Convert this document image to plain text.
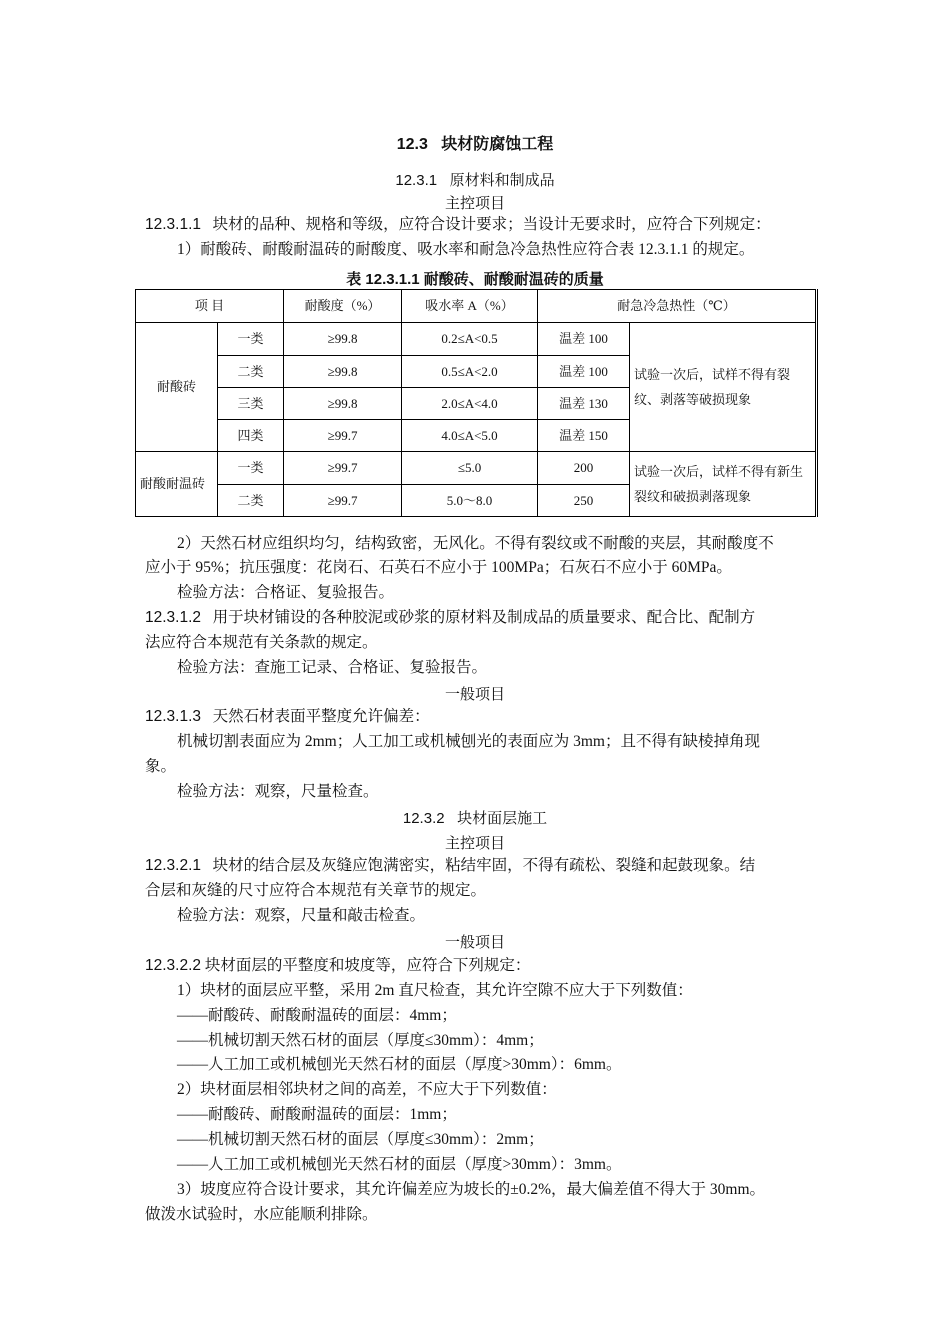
12.3 块材防腐蚀工程
12.3.1 原材料和制成品
主控项目
12.3.1.1 块材的品种、规格和等级，应符合设计要求；当设计无要求时，应符合下列规定：
1）耐酸砖、耐酸耐温砖的耐酸度、吸水率和耐急冷急热性应符合表 12.3.1.1 的规定。
表 12.3.1.1 耐酸砖、耐酸耐温砖的质量
项 目		耐酸度（%）	吸水率 A（%）	耐急冷急热性（℃）	
耐酸砖	一类	≥99.8	0.2≤A<0.5	温差 100	试验一次后，试样不得有裂纹、剥落等破损现象
	二类	≥99.8	0.5≤A<2.0	温差 100	
	三类	≥99.8	2.0≤A<4.0	温差 130	
	四类	≥99.7	4.0≤A<5.0	温差 150	
耐酸耐温砖	一类	≥99.7	≤5.0	200	试验一次后，试样不得有新生裂纹和破损剥落现象
	二类	≥99.7	5.0～8.0	250	
2）天然石材应组织均匀，结构致密，无风化。不得有裂纹或不耐酸的夹层，其耐酸度不
应小于 95%；抗压强度：花岗石、石英石不应小于 100MPa；石灰石不应小于 60MPa。
检验方法：合格证、复验报告。
12.3.1.2 用于块材铺设的各种胶泥或砂浆的原材料及制成品的质量要求、配合比、配制方
法应符合本规范有关条款的规定。
检验方法：查施工记录、合格证、复验报告。
一般项目
12.3.1.3 天然石材表面平整度允许偏差：
机械切割表面应为 2mm；人工加工或机械刨光的表面应为 3mm；且不得有缺棱掉角现
象。
检验方法：观察，尺量检查。
12.3.2 块材面层施工
主控项目
12.3.2.1 块材的结合层及灰缝应饱满密实，粘结牢固，不得有疏松、裂缝和起鼓现象。结
合层和灰缝的尺寸应符合本规范有关章节的规定。
检验方法：观察，尺量和敲击检查。
一般项目
12.3.2.2 块材面层的平整度和坡度等，应符合下列规定：
1）块材的面层应平整，采用 2m 直尺检查，其允许空隙不应大于下列数值：
——耐酸砖、耐酸耐温砖的面层：4mm；
——机械切割天然石材的面层（厚度≤30mm）：4mm；
——人工加工或机械刨光天然石材的面层（厚度>30mm）：6mm。
2）块材面层相邻块材之间的高差，不应大于下列数值：
——耐酸砖、耐酸耐温砖的面层：1mm；
——机械切割天然石材的面层（厚度≤30mm）：2mm；
——人工加工或机械刨光天然石材的面层（厚度>30mm）：3mm。
3）坡度应符合设计要求，其允许偏差应为坡长的±0.2%，最大偏差值不得大于 30mm。
做泼水试验时，水应能顺利排除。
